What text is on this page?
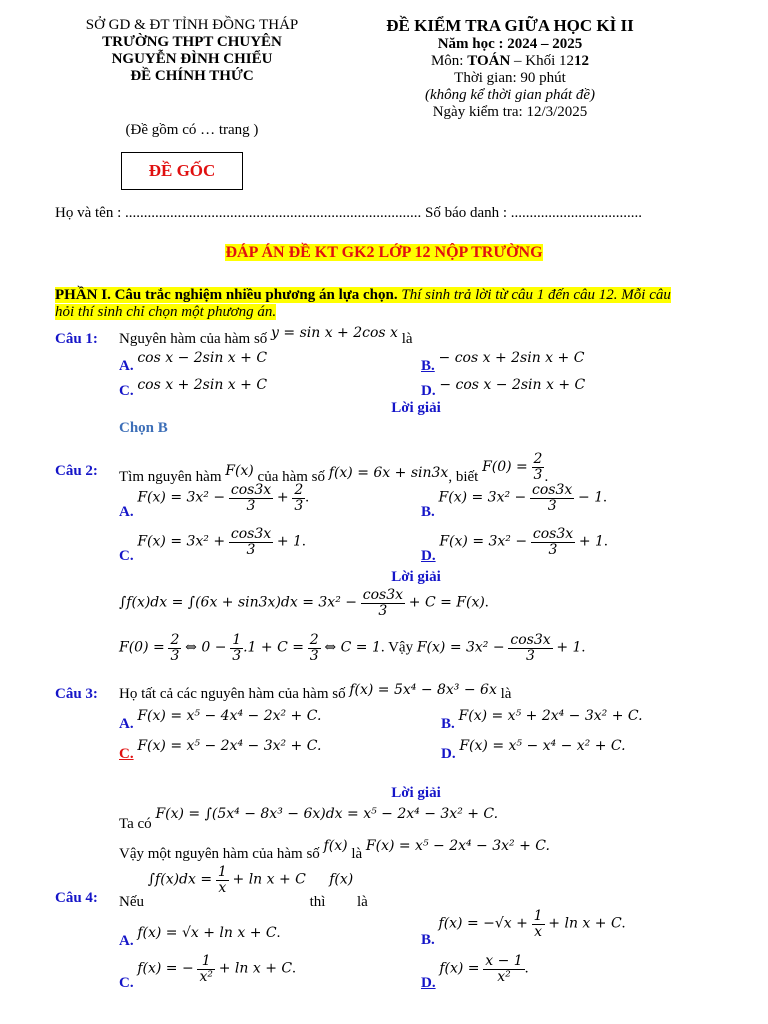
SỞ GD & ĐT TỈNH ĐỒNG THÁP
TRƯỜNG THPT CHUYÊN
NGUYỄN ĐÌNH CHIỂU
ĐỀ CHÍNH THỨC
(Đề gồm có … trang )
ĐỀ KIỂM TRA GIỮA HỌC KÌ II
Năm học : 2024 – 2025
Môn: TOÁN – Khối 1212
Thời gian: 90 phút
(không kể thời gian phát đề)
Ngày kiểm tra: 12/3/2025
ĐỀ GỐC
Họ và tên : ............................................................................... Số báo danh : ...................................
ĐÁP ÁN ĐỀ KT GK2 LỚP 12 NỘP TRƯỜNG
PHẦN I. Câu trắc nghiệm nhiều phương án lựa chọn. Thí sinh trả lời từ câu 1 đến câu 12. Mỗi câu
hỏi thí sinh chỉ chọn một phương án.
Câu 1: Nguyên hàm của hàm số y = sin x + 2cos x là
A. cos x − 2sin x + C	B. − cos x + 2sin x + C
C. cos x + 2sin x + C	D. − cos x − 2sin x + C
Lời giải
Chọn B
Câu 2: Tìm nguyên hàm F(x) của hàm số f(x) = 6x + sin3x, biết $F(0) = \frac{2}{3}$ .
A. $F(x) = 3x^2 - \frac{\cos 3x}{3} + \frac{2}{3}$ .
B. $F(x) = 3x^2 - \frac{\cos 3x}{3} - 1$.
C. $F(x) = 3x^2 + \frac{\cos 3x}{3} + 1$.
D. $F(x) = 3x^2 - \frac{\cos 3x}{3} + 1$.
Lời giải
$\int f(x)dx = \int(6x + \sin 3x)dx = 3x^2 - \frac{\cos 3x}{3} + C = F(x)$.
$F(0) = \frac{2}{3}$ ⇔ $0 - \frac{1}{3} .1 + C = \frac{2}{3}$ ⇔ C = 1. Vậy $F(x) = 3x^2 - \frac{\cos 3x}{3} + 1$.
Câu 3: Họ tất cả các nguyên hàm của hàm số f(x) = 5x⁴ − 8x³ − 6x là
A. F(x) = x⁵ − 4x⁴ − 2x² + C.	B. F(x) = x⁵ + 2x⁴ − 3x² + C.
C. F(x) = x⁵ − 2x⁴ − 3x² + C.	D. F(x) = x⁵ − x⁴ − x² + C.
Lời giải
Ta có F(x) = ∫(5x⁴ − 8x³ − 6x)dx = x⁵ − 2x⁴ − 3x² + C.
Vậy một nguyên hàm của hàm số f(x) là F(x) = x⁵ − 2x⁴ − 3x² + C.
Câu 4: Nếu $\int f(x)dx = \frac{1}{x} + \ln x + C$ thì f(x) là
A. f(x) = √x + ln x + C.	B. $f(x) = -√x + \frac{1}{x} + \ln x + C$.
C. f(x) = − $\frac{1}{\text{x²}} + \ln x + C$.
D. $f(x) = \frac{x - 1}{\text{x²}}$ .
